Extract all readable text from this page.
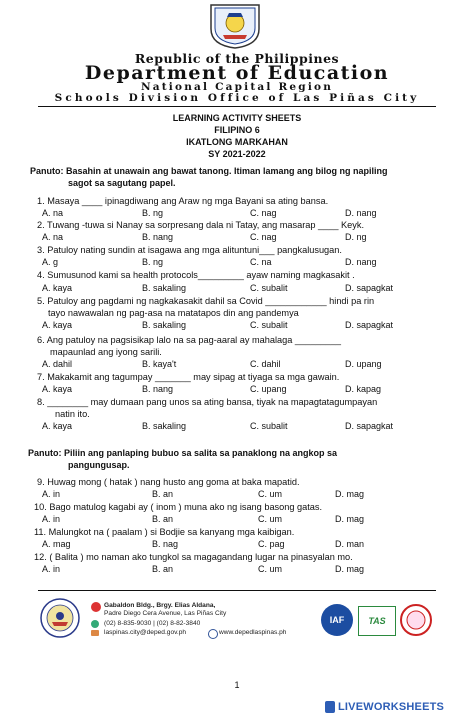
Republic of the Philippines
Department of Education
National Capital Region
Schools Division Office of Las Piñas City
LEARNING ACTIVITY SHEETS
FILIPINO 6
IKATLONG MARKAHAN
SY 2021-2022
Panuto: Basahin at unawain ang bawat tanong. Itiman lamang ang bilog ng napiling
sagot sa sagutang papel.
1. Masaya ____ ipinagdiwang ang Araw ng mga Bayani sa ating bansa.
A. na	B. ng	C. nag	D. nang
2. Tuwang -tuwa si Nanay sa sorpresang dala ni Tatay, ang masarap ____ Keyk.
A. na	B. nang	C. nag	D. ng
3. Patuloy nating sundin at isagawa ang mga alituntuni___ pangkalusugan.
A. g	B. ng	C. na	D. nang
4. Sumusunod kami sa health protocols_________ ayaw naming magkasakit .
A. kaya	B. sakaling	C. subalit	D. sapagkat
5. Patuloy ang pagdami ng nagkakasakit dahil sa Covid ____________ hindi pa rin
tayo nawawalan ng pag-asa na matatapos din ang pandemya
A. kaya	B. sakaling	C. subalit	D. sapagkat
6. Ang patuloy na pagsisikap lalo na sa pag-aaral ay mahalaga _________
mapaunlad ang iyong sarili.
A. dahil	B. kaya't	C. dahil	D. upang
7. Makakamit ang tagumpay _______ may sipag at tiyaga sa mga gawain.
A. kaya	B. nang	C. upang	D. kapag
8. ________ may dumaan pang unos sa ating bansa, tiyak na mapagtatagumpayan
natin ito.
A. kaya	B. sakaling	C. subalit	D. sapagkat
Panuto: Piliin ang panlaping bubuo sa salita sa panaklong na angkop sa
pangungusap.
9. Huwag mong ( hatak ) nang husto ang goma at baka mapatid.
A. in	B. an	C. um	D. mag
10. Bago matulog kagabi ay ( inom ) muna ako ng isang basong gatas.
A. in	B. an	C. um	D. mag
11. Malungkot na ( paalam ) si Bodjie sa kanyang mga kaibigan.
A. mag	B. nag	C. pag	D. man
12. ( Balita ) mo naman ako tungkol sa magagandang lugar na pinasyalan mo.
A. in	B. an	C. um	D. mag
Gabaldon Bldg., Brgy. Elias Aldana,
Padre Diego Cera Avenue, Las Piñas City
(02) 8-835-9030 | (02) 8-82-3840
laspinas.city@deped.gov.ph	www.depedlaspinas.ph
IAF	TAS
1
LIVEWORKSHEETS
